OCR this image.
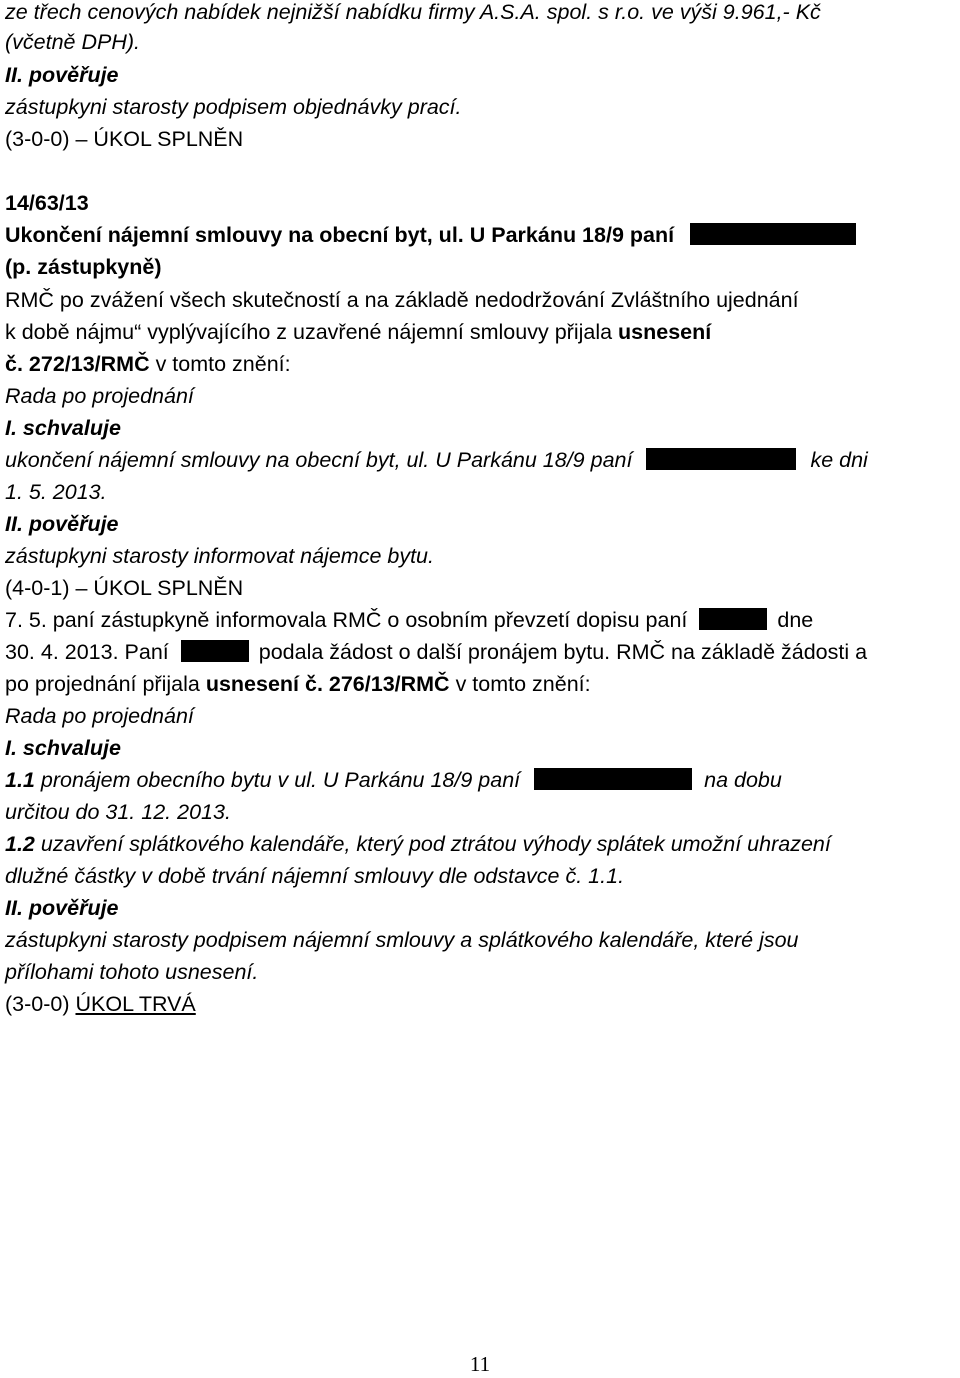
ze třech cenových nabídek nejnižší nabídku firmy A.S.A. spol. s r.o. ve výši 9.961,- Kč
(včetně DPH).
II. pověřuje
zástupkyni starosty podpisem objednávky prací.
(3-0-0) – ÚKOL SPLNĚN
14/63/13
Ukončení nájemní smlouvy na obecní byt, ul. U Parkánu 18/9 paní
(p. zástupkyně)
RMČ po zvážení všech skutečností a na základě nedodržování Zvláštního ujednání
k době nájmu“ vyplývajícího z uzavřené nájemní smlouvy přijala usnesení
č. 272/13/RMČ v tomto znění:
Rada po projednání
I. schvaluje
ukončení nájemní smlouvy na obecní byt, ul. U Parkánu 18/9 paní	ke dni
1. 5. 2013.
II. pověřuje
zástupkyni starosty informovat nájemce bytu.
(4-0-1) – ÚKOL SPLNĚN
7. 5. paní zástupkyně informovala RMČ o osobním převzetí dopisu paní	dne
30. 4. 2013. Paní	podala žádost o další pronájem bytu. RMČ na základě žádosti a
po projednání přijala usnesení č. 276/13/RMČ v tomto znění:
Rada po projednání
I. schvaluje
1.1 pronájem obecního bytu v ul. U Parkánu 18/9 paní	na dobu
určitou do 31. 12. 2013.
1.2 uzavření splátkového kalendáře, který pod ztrátou výhody splátek umožní uhrazení
dlužné částky v době trvání nájemní smlouvy dle odstavce č. 1.1.
II. pověřuje
zástupkyni starosty podpisem nájemní smlouvy a splátkového kalendáře, které jsou
přílohami tohoto usnesení.
(3-0-0) ÚKOL TRVÁ
11
